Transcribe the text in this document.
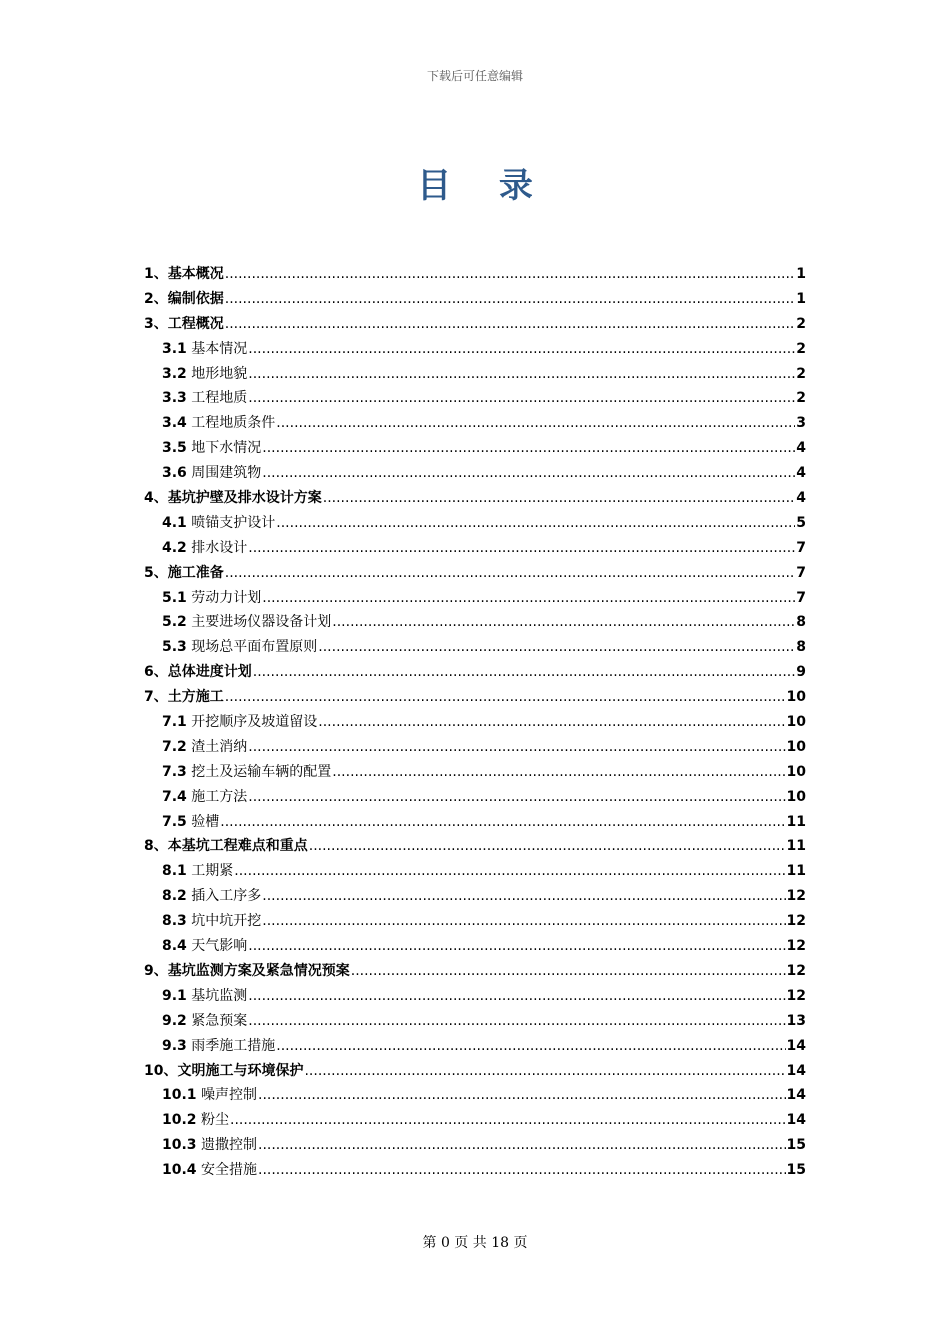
下载后可任意编辑
目 录
1、基本概况 .....	1
2、编制依据 .....	1
3、工程概况 .....	2
3.1 基本情况 .....	2
3.2 地形地貌 .....	2
3.3 工程地质 .....	2
3.4 工程地质条件 .....	3
3.5 地下水情况 .....	4
3.6 周围建筑物 .....	4
4、基坑护壁及排水设计方案 .....	4
4.1 喷锚支护设计 .....	5
4.2 排水设计 .....	7
5、施工准备 .....	7
5.1 劳动力计划 .....	7
5.2 主要进场仪器设备计划 .....	8
5.3 现场总平面布置原则 .....	8
6、总体进度计划 .....	9
7、土方施工 .....	10
7.1 开挖顺序及坡道留设 .....	10
7.2 渣土消纳 .....	10
7.3 挖土及运输车辆的配置 .....	10
7.4 施工方法 .....	10
7.5 验槽 .....	11
8、本基坑工程难点和重点 .....	11
8.1 工期紧 .....	11
8.2 插入工序多 .....	12
8.3 坑中坑开挖 .....	12
8.4 天气影响 .....	12
9、基坑监测方案及紧急情况预案 .....	12
9.1 基坑监测 .....	12
9.2 紧急预案 .....	13
9.3 雨季施工措施 .....	14
10、文明施工与环境保护 .....	14
10.1 噪声控制 .....	14
10.2 粉尘 .....	14
10.3 遗撒控制 .....	15
10.4 安全措施 .....	15
第 0 页 共 18 页
